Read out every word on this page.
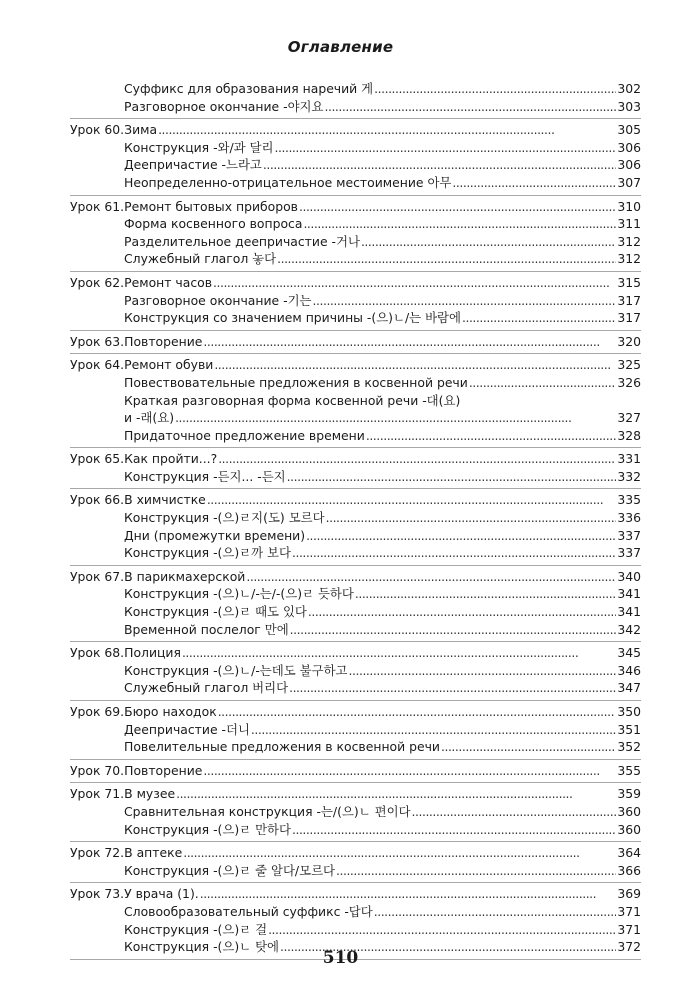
Оглавление
Суффикс для образования наречий 게 . . .	302
Разговорное окончание -야지요 . . .	303
Урок 60. Зима . . .	305
Конструкция -와/과 달리 . . .	306
Деепричастие -느라고 . . .	306
Неопределенно-отрицательное местоимение 아무 . . .	307
Урок 61. Ремонт бытовых приборов . . .	310
Форма косвенного вопроса . . .	311
Разделительное деепричастие -거나 . . .	312
Служебный глагол 놓다 . . .	312
Урок 62. Ремонт часов . . .	315
Разговорное окончание -기는 . . .	317
Конструкция со значением причины -(으)ㄴ/는 바람에 . . .	317
Урок 63. Повторение . . .	320
Урок 64. Ремонт обуви . . .	325
Повествовательные предложения в косвенной речи . . .	326
Краткая разговорная форма косвенной речи -대(요)
и -래(요) . . .	327
Придаточное предложение времени . . .	328
Урок 65. Как пройти...? . . .	331
Конструкция -든지... -든지 . . .	332
Урок 66. В химчистке . . .	335
Конструкция -(으)ㄹ지(도) 모르다 . . .	336
Дни (промежутки времени) . . .	337
Конструкция -(으)ㄹ까 보다 . . .	337
Урок 67. В парикмахерской . . .	340
Конструкция -(으)ㄴ/-는/-(으)ㄹ 듯하다 . . .	341
Конструкция -(으)ㄹ 때도 있다 . . .	341
Временной послелог 만에 . . .	342
Урок 68. Полиция . . .	345
Конструкция -(으)ㄴ/-는데도 불구하고 . . .	346
Служебный глагол 버리다 . . .	347
Урок 69. Бюро находок . . .	350
Деепричастие -더니 . . .	351
Повелительные предложения в косвенной речи . . .	352
Урок 70. Повторение . . .	355
Урок 71. В музее . . .	359
Сравнительная конструкция -는/(으)ㄴ 편이다 . . .	360
Конструкция -(으)ㄹ 만하다 . . .	360
Урок 72. В аптеке . . .	364
Конструкция -(으)ㄹ 줄 알다/모르다 . . .	366
Урок 73. У врача (1). . . .	369
Словообразовательный суффикс -답다 . . .	371
Конструкция -(으)ㄹ 걸 . . .	371
Конструкция -(으)ㄴ 탓에 . . .	372
510
